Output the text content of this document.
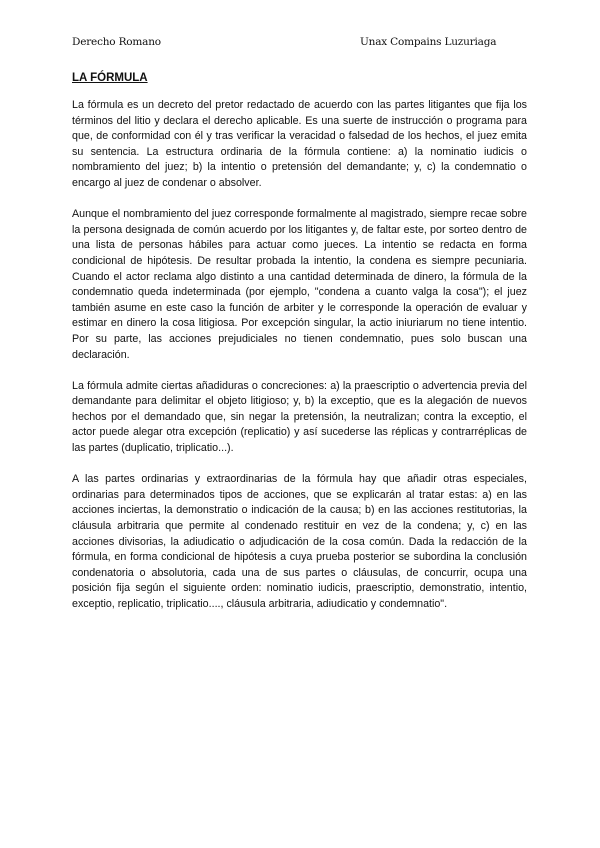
Derecho Romano	Unax Compains Luzuriaga
LA FÓRMULA

La fórmula es un decreto del pretor redactado de acuerdo con las partes litigantes que fija los términos del litio y declara el derecho aplicable. Es una suerte de instrucción o programa para que, de conformidad con él y tras verificar la veracidad o falsedad de los hechos, el juez emita su sentencia. La estructura ordinaria de la fórmula contiene: a) la nominatio iudicis o nombramiento del juez; b) la intentio o pretensión del demandante; y, c) la condemnatio o encargo al juez de condenar o absolver.

Aunque el nombramiento del juez corresponde formalmente al magistrado, siempre recae sobre la persona designada de común acuerdo por los litigantes y, de faltar este, por sorteo dentro de una lista de personas hábiles para actuar como jueces. La intentio se redacta en forma condicional de hipótesis. De resultar probada la intentio, la condena es siempre pecuniaria. Cuando el actor reclama algo distinto a una cantidad determinada de dinero, la fórmula de la condemnatio queda indeterminada (por ejemplo, "condena a cuanto valga la cosa"); el juez también asume en este caso la función de arbiter y le corresponde la operación de evaluar y estimar en dinero la cosa litigiosa. Por excepción singular, la actio iniuriarum no tiene intentio. Por su parte, las acciones prejudiciales no tienen condemnatio, pues solo buscan una declaración.

La fórmula admite ciertas añadiduras o concreciones: a) la praescriptio o advertencia previa del demandante para delimitar el objeto litigioso; y, b) la exceptio, que es la alegación de nuevos hechos por el demandado que, sin negar la pretensión, la neutralizan; contra la exceptio, el actor puede alegar otra excepción (replicatio) y así sucederse las réplicas y contrarréplicas de las partes (duplicatio, triplicatio...).

A las partes ordinarias y extraordinarias de la fórmula hay que añadir otras especiales, ordinarias para determinados tipos de acciones, que se explicarán al tratar estas: a) en las acciones inciertas, la demonstratio o indicación de la causa; b) en las acciones restitutorias, la cláusula arbitraria que permite al condenado restituir en vez de la condena; y, c) en las acciones divisorias, la adiudicatio o adjudicación de la cosa común. Dada la redacción de la fórmula, en forma condicional de hipótesis a cuya prueba posterior se subordina la conclusión condenatoria o absolutoria, cada una de sus partes o cláusulas, de concurrir, ocupa una posición fija según el siguiente orden: nominatio iudicis, praescriptio, demonstratio, intentio, exceptio, replicatio, triplicatio...., cláusula arbitraria, adiudicatio y condemnatio".
